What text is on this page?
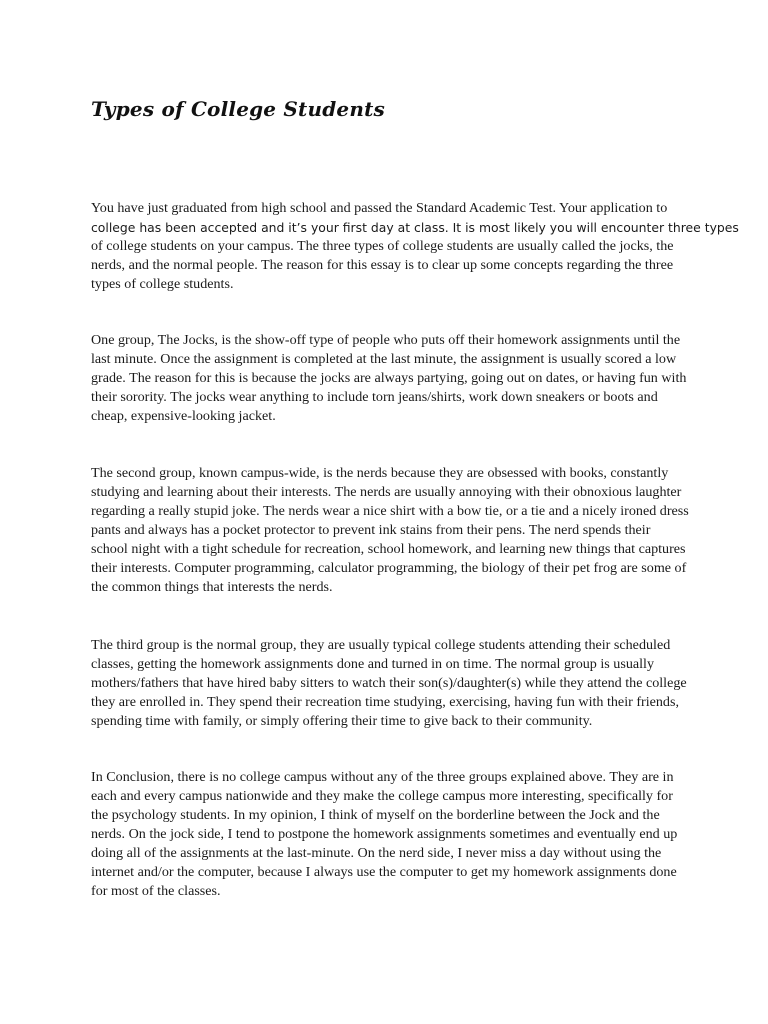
Types of College Students
You have just graduated from high school and passed the Standard Academic Test. Your application to
college has been accepted and it’s your first day at class. It is most likely you will encounter three types
of college students on your campus. The three types of college students are usually called the jocks, the
nerds, and the normal people. The reason for this essay is to clear up some concepts regarding the three
types of college students.
One group, The Jocks, is the show-off type of people who puts off their homework assignments until the
last minute. Once the assignment is completed at the last minute, the assignment is usually scored a low
grade. The reason for this is because the jocks are always partying, going out on dates, or having fun with
their sorority. The jocks wear anything to include torn jeans/shirts, work down sneakers or boots and
cheap, expensive-looking jacket.
The second group, known campus-wide, is the nerds because they are obsessed with books, constantly
studying and learning about their interests. The nerds are usually annoying with their obnoxious laughter
regarding a really stupid joke. The nerds wear a nice shirt with a bow tie, or a tie and a nicely ironed dress
pants and always has a pocket protector to prevent ink stains from their pens. The nerd spends their
school night with a tight schedule for recreation, school homework, and learning new things that captures
their interests. Computer programming, calculator programming, the biology of their pet frog are some of
the common things that interests the nerds.
The third group is the normal group, they are usually typical college students attending their scheduled
classes, getting the homework assignments done and turned in on time. The normal group is usually
mothers/fathers that have hired baby sitters to watch their son(s)/daughter(s) while they attend the college
they are enrolled in. They spend their recreation time studying, exercising, having fun with their friends,
spending time with family, or simply offering their time to give back to their community.
In Conclusion, there is no college campus without any of the three groups explained above. They are in
each and every campus nationwide and they make the college campus more interesting, specifically for
the psychology students. In my opinion, I think of myself on the borderline between the Jock and the
nerds. On the jock side, I tend to postpone the homework assignments sometimes and eventually end up
doing all of the assignments at the last-minute. On the nerd side, I never miss a day without using the
internet and/or the computer, because I always use the computer to get my homework assignments done
for most of the classes.
